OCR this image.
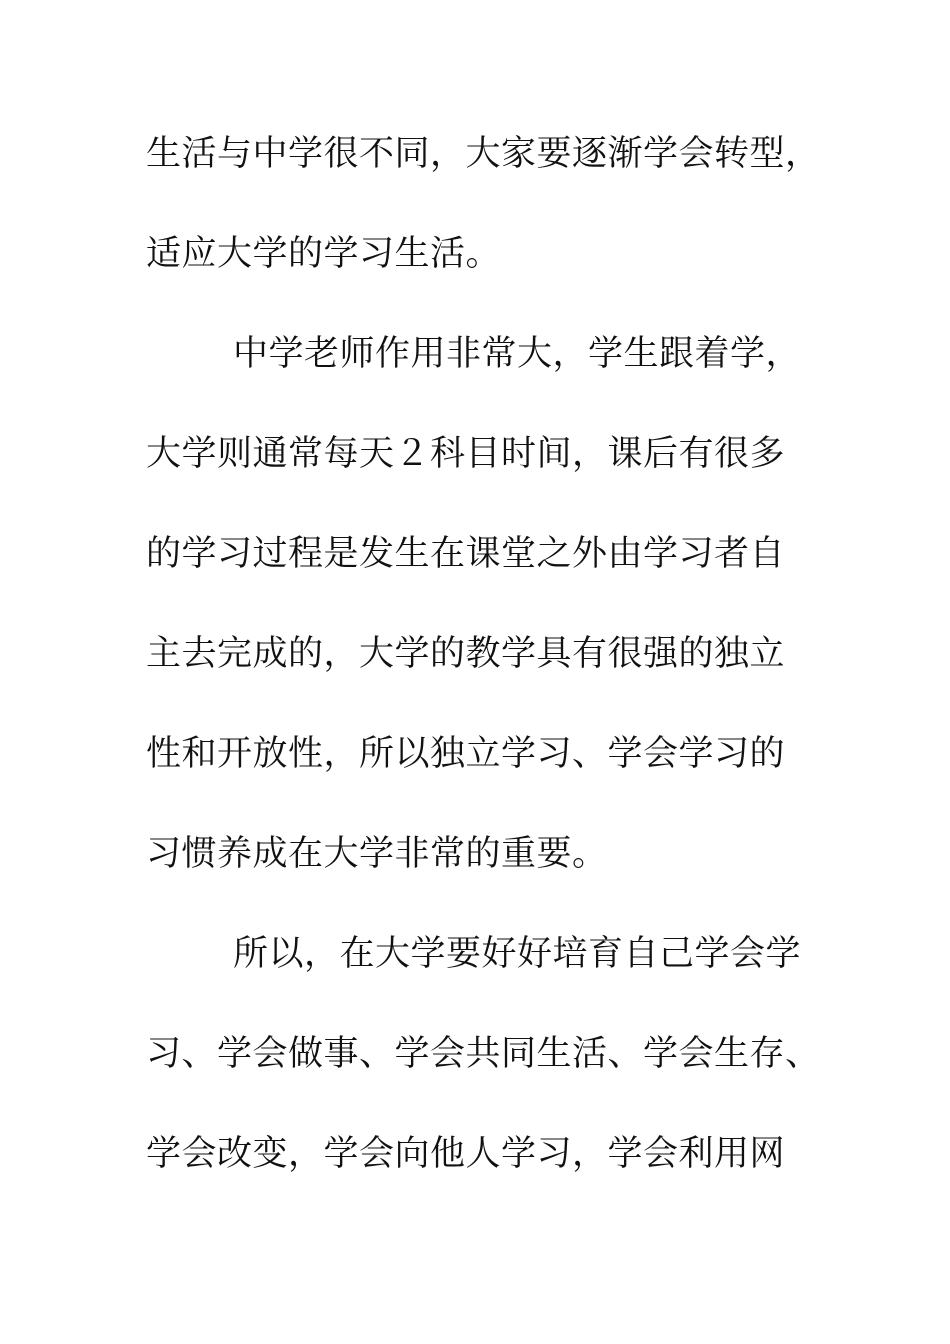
生活与中学很不同，大家要逐渐学会转型，
适应大学的学习生活。
中学老师作用非常大，学生跟着学，
大学则通常每天２科目时间，课后有很多
的学习过程是发生在课堂之外由学习者自
主去完成的，大学的教学具有很强的独立
性和开放性，所以独立学习、学会学习的
习惯养成在大学非常的重要。
所以，在大学要好好培育自己学会学
习、学会做事、学会共同生活、学会生存、
学会改变，学会向他人学习，学会利用网
